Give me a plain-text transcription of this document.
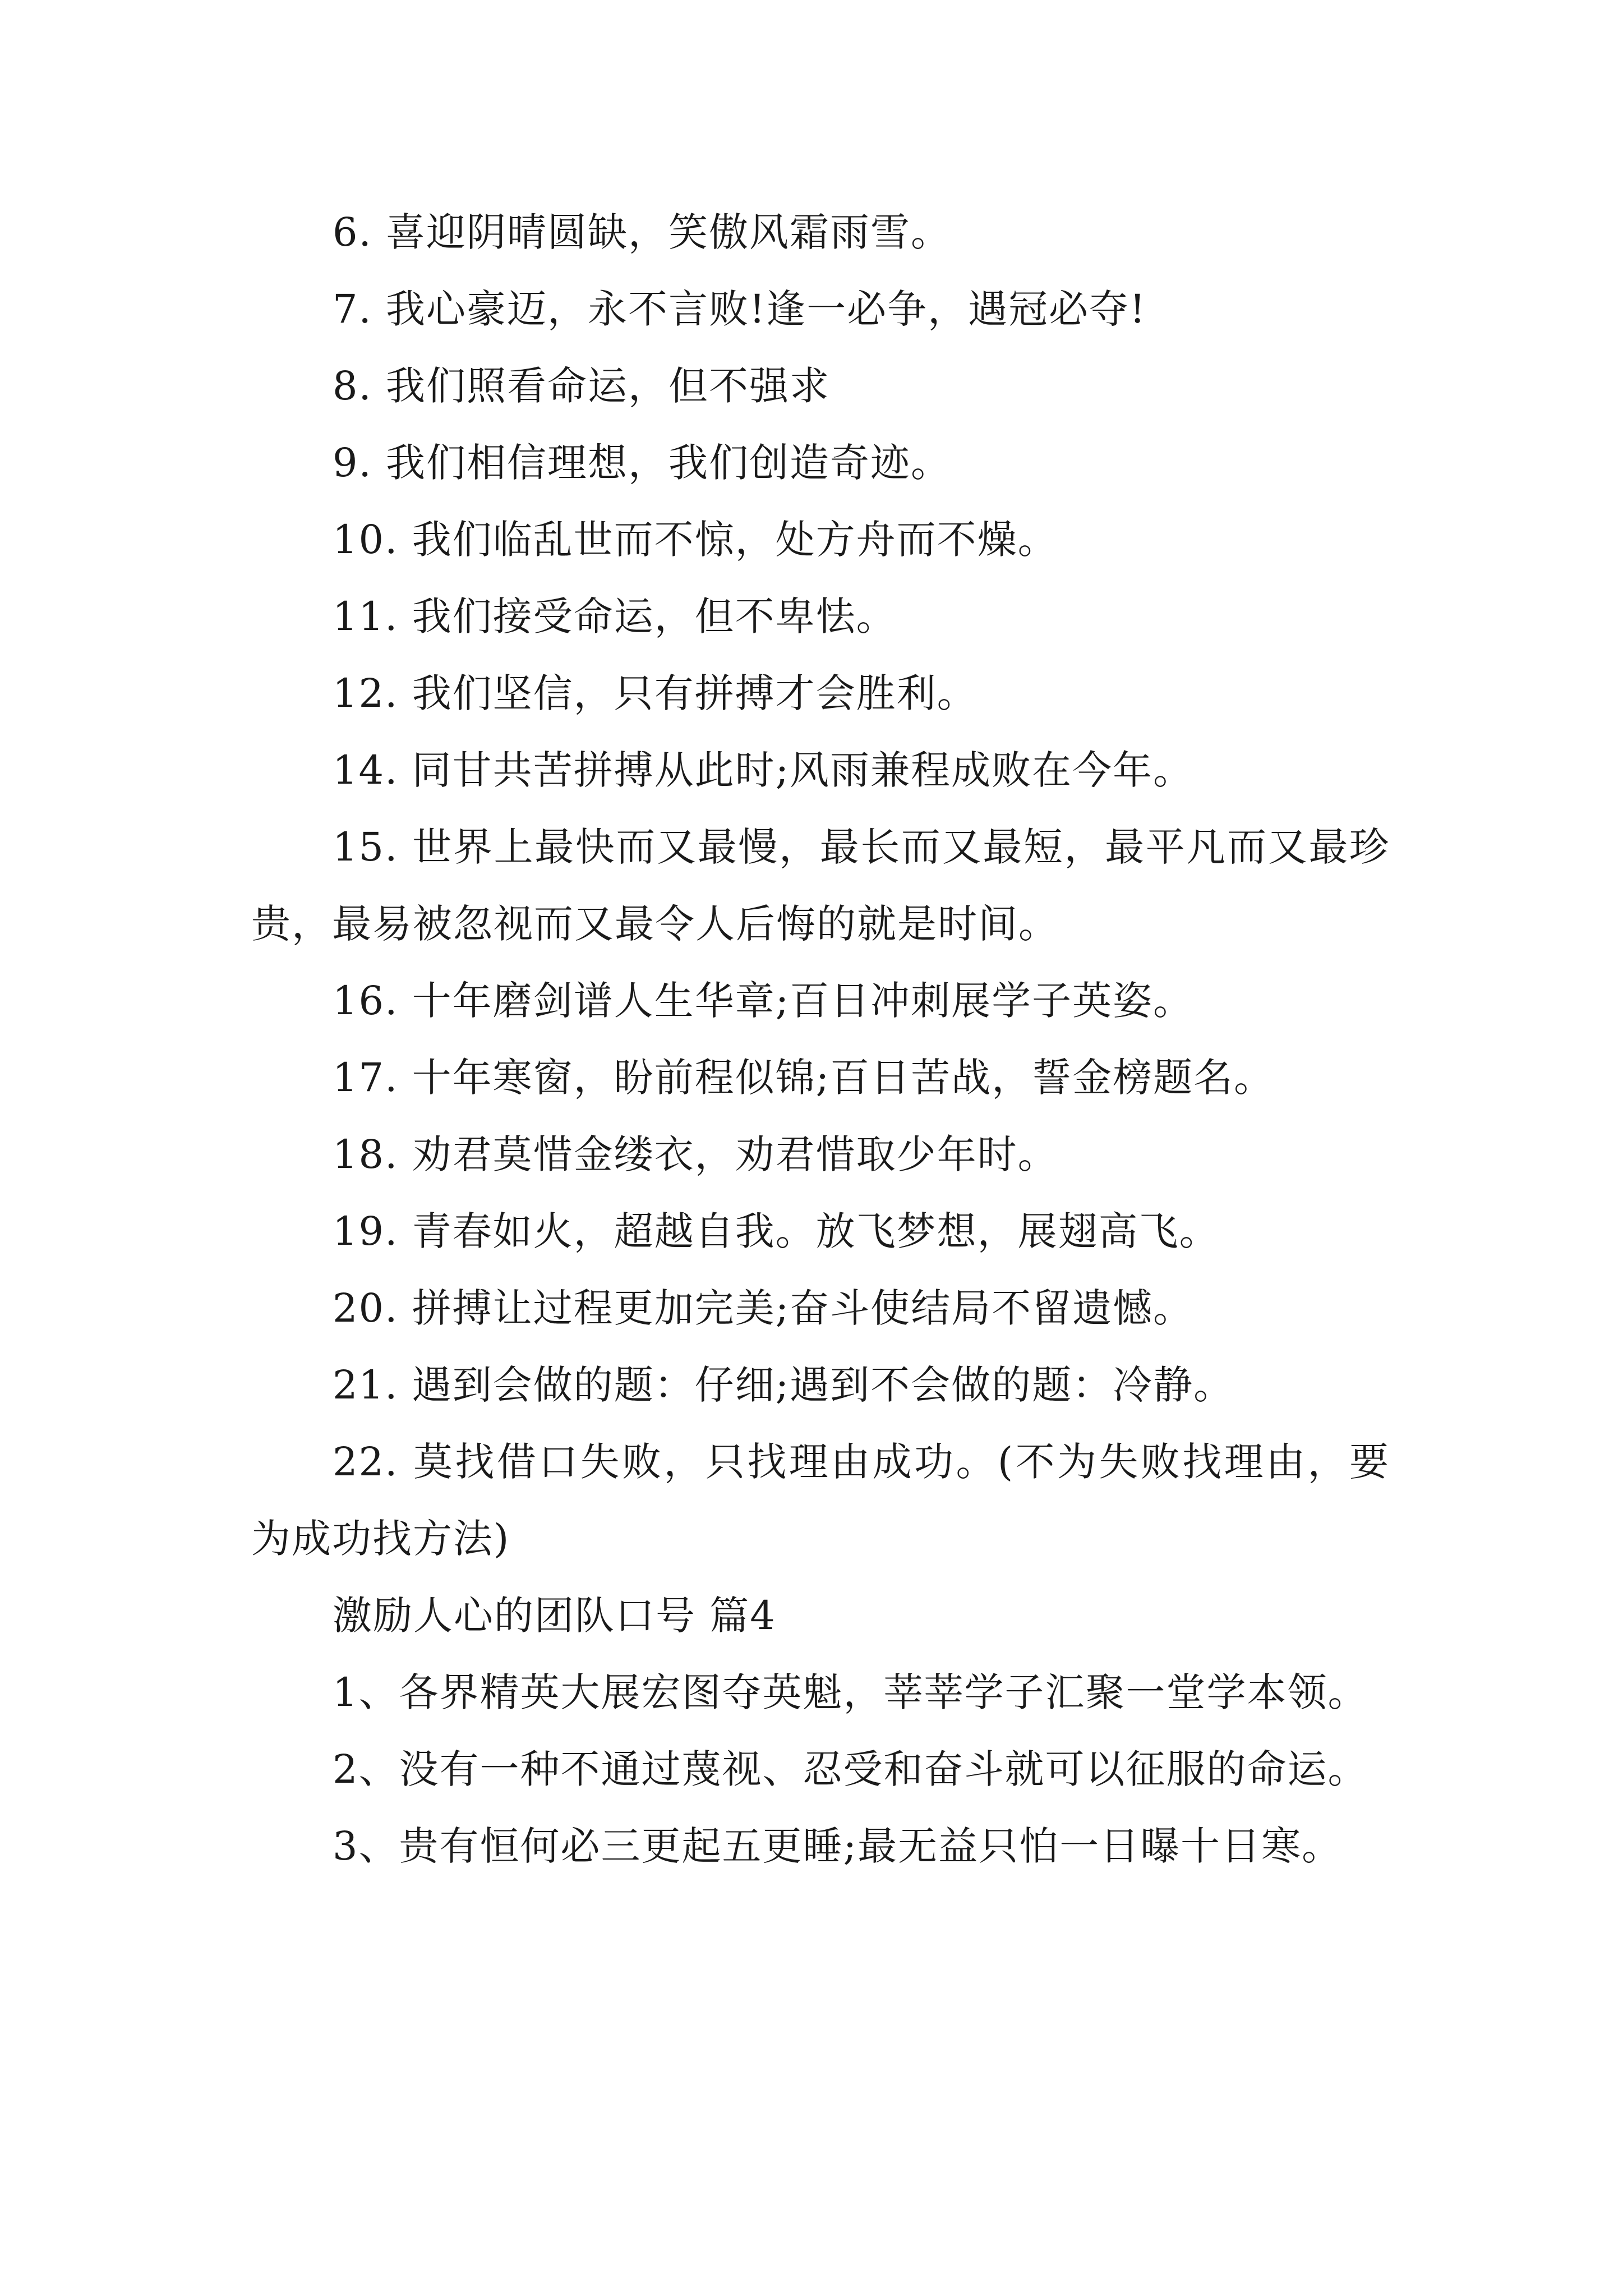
6. 喜迎阴晴圆缺，笑傲风霜雨雪。

7. 我心豪迈，永不言败!逢一必争，遇冠必夺!

8. 我们照看命运，但不强求

9. 我们相信理想，我们创造奇迹。

10. 我们临乱世而不惊，处方舟而不燥。

11. 我们接受命运，但不卑怯。

12. 我们坚信，只有拼搏才会胜利。

14. 同甘共苦拼搏从此时;风雨兼程成败在今年。

15. 世界上最快而又最慢，最长而又最短，最平凡而又最珍贵，最易被忽视而又最令人后悔的就是时间。

16. 十年磨剑谱人生华章;百日冲刺展学子英姿。

17. 十年寒窗，盼前程似锦;百日苦战，誓金榜题名。

18. 劝君莫惜金缕衣，劝君惜取少年时。

19. 青春如火，超越自我。放飞梦想，展翅高飞。

20. 拼搏让过程更加完美;奋斗使结局不留遗憾。

21. 遇到会做的题：仔细;遇到不会做的题：冷静。

22. 莫找借口失败，只找理由成功。(不为失败找理由，要为成功找方法)

激励人心的团队口号 篇4

1、各界精英大展宏图夺英魁，莘莘学子汇聚一堂学本领。

2、没有一种不通过蔑视、忍受和奋斗就可以征服的命运。

3、贵有恒何必三更起五更睡;最无益只怕一日曝十日寒。
